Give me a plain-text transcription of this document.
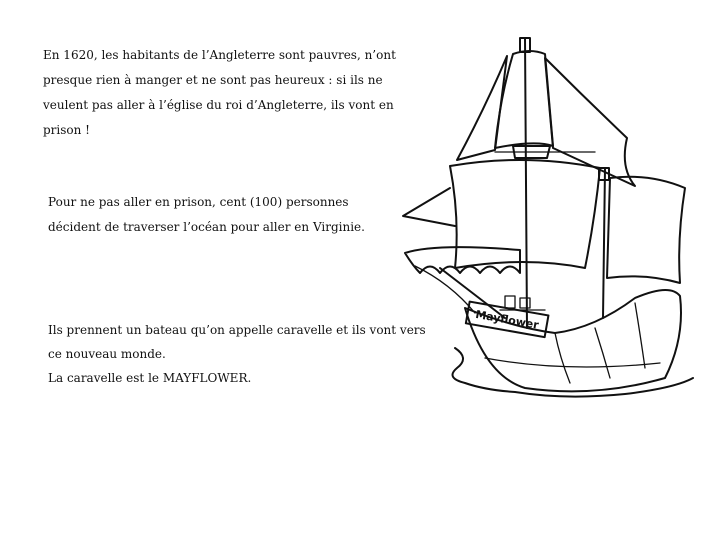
En 1620, les habitants de l’Angleterre sont pauvres, n’ont
presque rien à manger et ne sont pas heureux : si ils ne
veulent pas aller à l’église du roi d’Angleterre, ils vont en
prison !
Pour ne pas aller en prison, cent (100) personnes
décident de traverser l’océan pour aller en Virginie.
Ils prennent un bateau qu’on appelle caravelle et ils vont vers
ce nouveau monde.
La caravelle est le MAYFLOWER.
Mayflower
